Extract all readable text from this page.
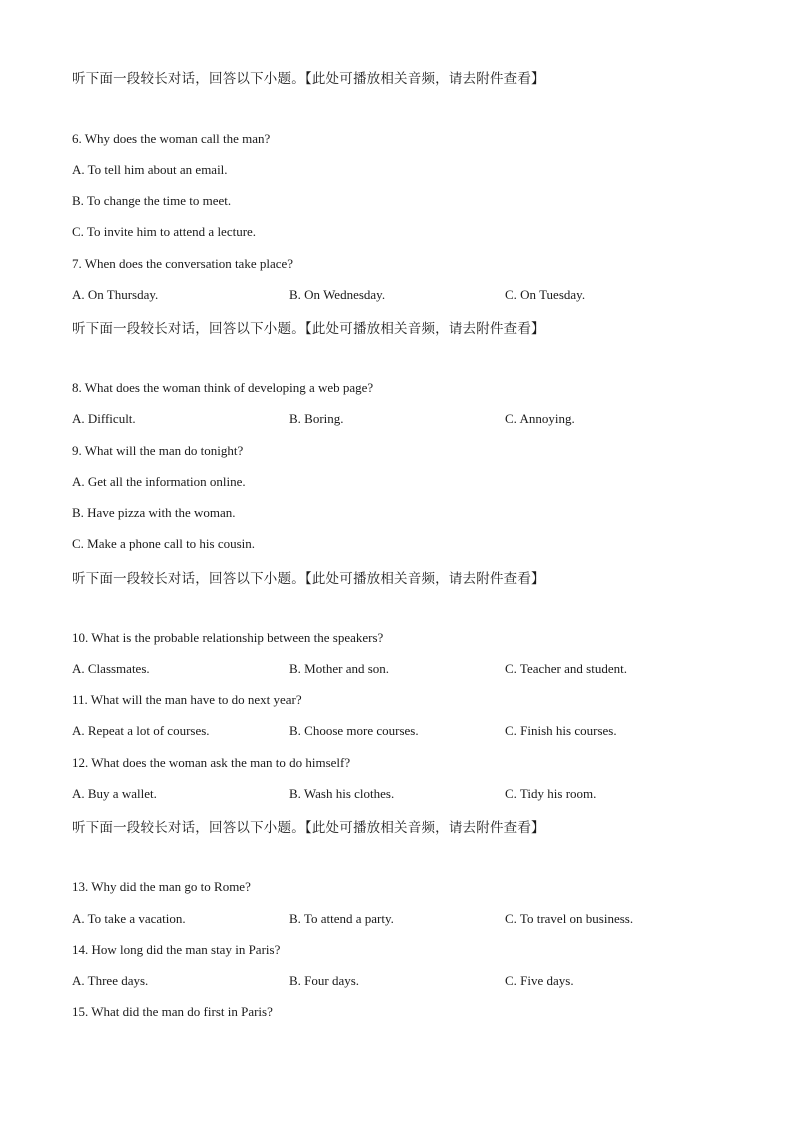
听下面一段较长对话，回答以下小题。【此处可播放相关音频，请去附件查看】
6. Why does the woman call the man?
A. To tell him about an email.
B. To change the time to meet.
C. To invite him to attend a lecture.
7. When does the conversation take place?
A. On Thursday.	B. On Wednesday.	C. On Tuesday.
听下面一段较长对话，回答以下小题。【此处可播放相关音频，请去附件查看】
8. What does the woman think of developing a web page?
A. Difficult.	B. Boring.	C. Annoying.
9. What will the man do tonight?
A. Get all the information online.
B. Have pizza with the woman.
C. Make a phone call to his cousin.
听下面一段较长对话，回答以下小题。【此处可播放相关音频，请去附件查看】
10. What is the probable relationship between the speakers?
A. Classmates.	B. Mother and son.	C. Teacher and student.
11. What will the man have to do next year?
A. Repeat a lot of courses.	B. Choose more courses.	C. Finish his courses.
12. What does the woman ask the man to do himself?
A. Buy a wallet.	B. Wash his clothes.	C. Tidy his room.
听下面一段较长对话，回答以下小题。【此处可播放相关音频，请去附件查看】
13. Why did the man go to Rome?
A. To take a vacation.	B. To attend a party.	C. To travel on business.
14. How long did the man stay in Paris?
A. Three days.	B. Four days.	C. Five days.
15. What did the man do first in Paris?
